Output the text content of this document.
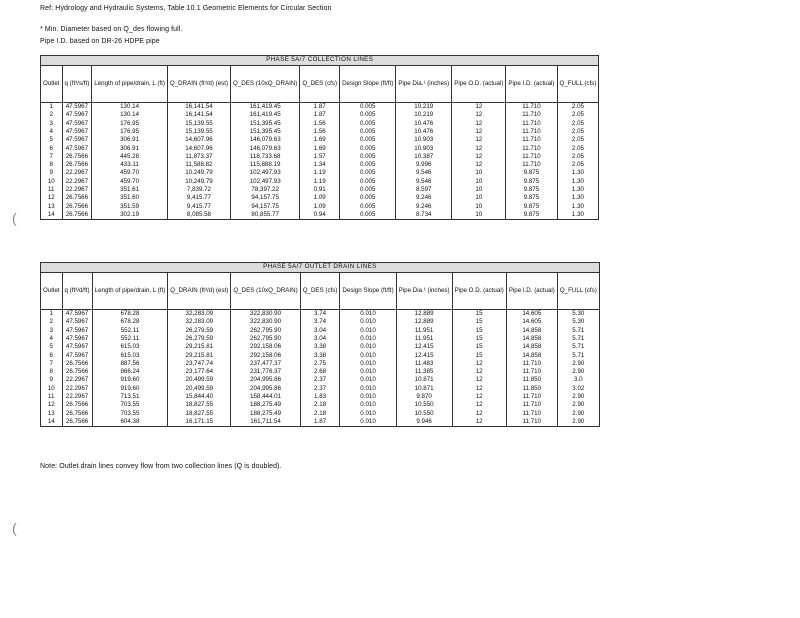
Ref: Hydrology and Hydraulic Systems, Table 10.1 Geometric Elements for Circular Section
* Min. Diameter based on Q_des flowing full.
Pipe I.D. based on DR-26 HDPE pipe
PHASE 5A/7 COLLECTION LINES										
Outlet	q (ft³/s/ft)	Length of pipe/drain, L (ft)	Q_DRAIN (ft³/d) (est)	Q_DES (10xQ_DRAIN)	Q_DES (cfs)	Design Slope (ft/ft)	Pipe Dia.¹ (inches)	Pipe O.D. (actual)	Pipe I.D. (actual)	Q_FULL (cfs)
1	47.5967	130.14	16,141.54	161,419.45	1.87	0.005	10.219	12	11.710	2.05
2	47.5967	130.14	16,141.54	161,419.45	1.87	0.005	10.219	12	11.710	2.05
3	47.5967	176.95	15,139.55	151,395.45	1.56	0.005	10.476	12	11.710	2.05
4	47.5967	176.95	15,139.55	151,395.45	1.56	0.005	10.476	12	11.710	2.05
5	47.5967	306.91	14,607.96	146,079.63	1.69	0.005	10.903	12	11.710	2.05
6	47.5967	306.91	14,607.96	146,079.63	1.69	0.005	10.903	12	11.710	2.05
7	26.7566	445.28	11,873.37	118,733.68	1.57	0.005	10.387	12	11.710	2.05
8	26.7566	433.11	11,588.82	115,888.19	1.34	0.005	9.996	12	11.710	2.05
9	22.2967	459.70	10,249.79	102,497.93	1.19	0.005	9.546	10	9.875	1.30
10	22.2967	459.70	10,249.79	102,497.93	1.19	0.005	9.546	10	9.875	1.30
11	22.2967	351.61	7,839.72	78,397.22	0.91	0.005	8.597	10	9.875	1.30
12	26.7566	351.60	9,415.77	94,157.75	1.09	0.005	9.246	10	9.875	1.30
13	26.7566	351.59	9,415.77	94,157.75	1.09	0.005	9.246	10	9.875	1.30
14	26.7566	302.19	8,085.58	80,855.77	0.94	0.005	8.734	10	9.875	1.30
PHASE 5A/7 OUTLET DRAIN LINES										
Outlet	q (ft³/d/ft)	Length of pipe/drain, L (ft)	Q_DRAIN (ft³/d) (est)	Q_DES (10xQ_DRAIN)	Q_DES (cfs)	Design Slope (ft/ft)	Pipe Dia.¹ (inches)	Pipe O.D. (actual)	Pipe I.D. (actual)	Q_FULL (cfs)
1	47.5967	678.28	32,283.09	322,830.90	3.74	0.010	12.889	15	14.605	5.30
2	47.5967	678.28	32,283.09	322,830.90	3.74	0.010	12.889	15	14.605	5.30
3	47.5967	552.11	26,279.59	262,795.90	3.04	0.010	11.951	15	14.858	5.71
4	47.5967	552.11	26,279.59	262,795.90	3.04	0.010	11.951	15	14.858	5.71
5	47.5967	615.03	29,215.81	292,158.06	3.38	0.010	12.415	15	14.858	5.71
6	47.5967	615.03	29,215.81	292,158.06	3.38	0.010	12.415	15	14.858	5.71
7	26.7566	887.56	23,747.74	237,477.37	2.75	0.010	11.483	12	11.710	2.90
8	26.7566	866.24	23,177.64	231,776.37	2.68	0.010	11.385	12	11.710	2.90
9	22.2967	919.60	20,499.59	204,995.86	2.37	0.010	10.871	12	11.850	3.0
10	22.2967	919.60	20,499.59	204,995.86	2.37	0.010	10.871	12	11.850	3.02
11	22.2967	713.51	15,844.40	158,444.01	1.83	0.010	9.870	12	11.710	2.90
12	26.7566	703.55	18,827.55	188,275.49	2.18	0.010	10.550	12	11.710	2.90
13	26.7566	703.55	18,827.55	188,275.49	2.18	0.010	10.550	12	11.710	2.90
14	26.7566	604.38	16,171.15	161,711.54	1.87	0.010	9.946	12	11.710	2.90
Note: Outlet drain lines convey flow from two collection lines (Q is doubled).
(
(
